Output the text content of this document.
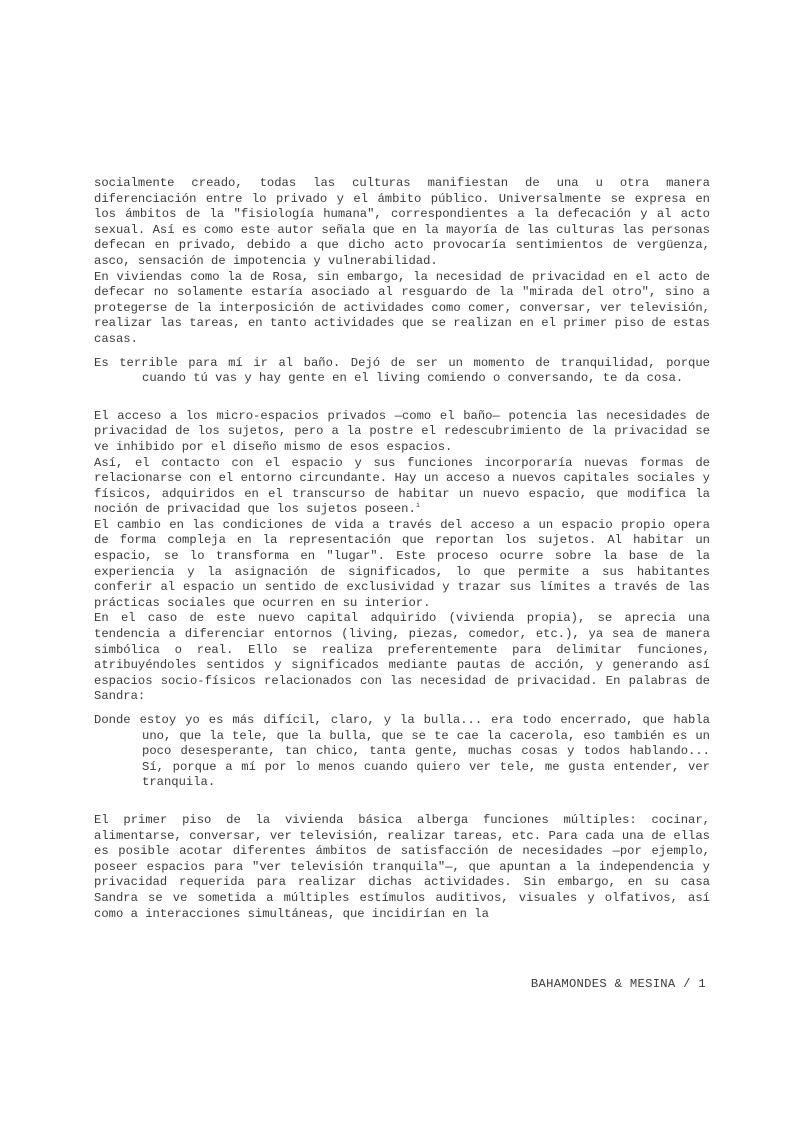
socialmente creado, todas las culturas manifiestan de una u otra manera diferenciación entre lo privado y el ámbito público. Universalmente se expresa en los ámbitos de la "fisiología humana", correspondientes a la defecación y al acto sexual. Así es como este autor señala que en la mayoría de las culturas las personas defecan en privado, debido a que dicho acto provocaría sentimientos de vergüenza, asco, sensación de impotencia y vulnerabilidad.

En viviendas como la de Rosa, sin embargo, la necesidad de privacidad en el acto de defecar no solamente estaría asociado al resguardo de la "mirada del otro", sino a protegerse de la interposición de actividades como comer, conversar, ver televisión, realizar las tareas, en tanto actividades que se realizan en el primer piso de estas casas.

Es terrible para mí ir al baño. Dejó de ser un momento de tranquilidad, porque cuando tú vas y hay gente en el living comiendo o conversando, te da cosa.

El acceso a los micro-espacios privados —como el baño— potencia las necesidades de privacidad de los sujetos, pero a la postre el redescubrimiento de la privacidad se ve inhibido por el diseño mismo de esos espacios.

Así, el contacto con el espacio y sus funciones incorporaría nuevas formas de relacionarse con el entorno circundante. Hay un acceso a nuevos capitales sociales y físicos, adquiridos en el transcurso de habitar un nuevo espacio, que modifica la noción de privacidad que los sujetos poseen.$^i$

El cambio en las condiciones de vida a través del acceso a un espacio propio opera de forma compleja en la representación que reportan los sujetos. Al habitar un espacio, se lo transforma en "lugar". Este proceso ocurre sobre la base de la experiencia y la asignación de significados, lo que permite a sus habitantes conferir al espacio un sentido de exclusividad y trazar sus límites a través de las prácticas sociales que ocurren en su interior.

En el caso de este nuevo capital adquirido (vivienda propia), se aprecia una tendencia a diferenciar entornos (living, piezas, comedor, etc.), ya sea de manera simbólica o real. Ello se realiza preferentemente para delimitar funciones, atribuyéndoles sentidos y significados mediante pautas de acción, y generando así espacios socio-físicos relacionados con las necesidad de privacidad. En palabras de Sandra:

Donde estoy yo es más difícil, claro, y la bulla... era todo encerrado, que habla uno, que la tele, que la bulla, que se te cae la cacerola, eso también es un poco desesperante, tan chico, tanta gente, muchas cosas y todos hablando... Sí, porque a mí por lo menos cuando quiero ver tele, me gusta entender, ver tranquila.

El primer piso de la vivienda básica alberga funciones múltiples: cocinar, alimentarse, conversar, ver televisión, realizar tareas, etc. Para cada una de ellas es posible acotar diferentes ámbitos de satisfacción de necesidades —por ejemplo, poseer espacios para "ver televisión tranquila"—, que apuntan a la independencia y privacidad requerida para realizar dichas actividades. Sin embargo, en su casa Sandra se ve sometida a múltiples estímulos auditivos, visuales y olfativos, así como a interacciones simultáneas, que incidirían en la

BAHAMONDES & MESINA / 1
